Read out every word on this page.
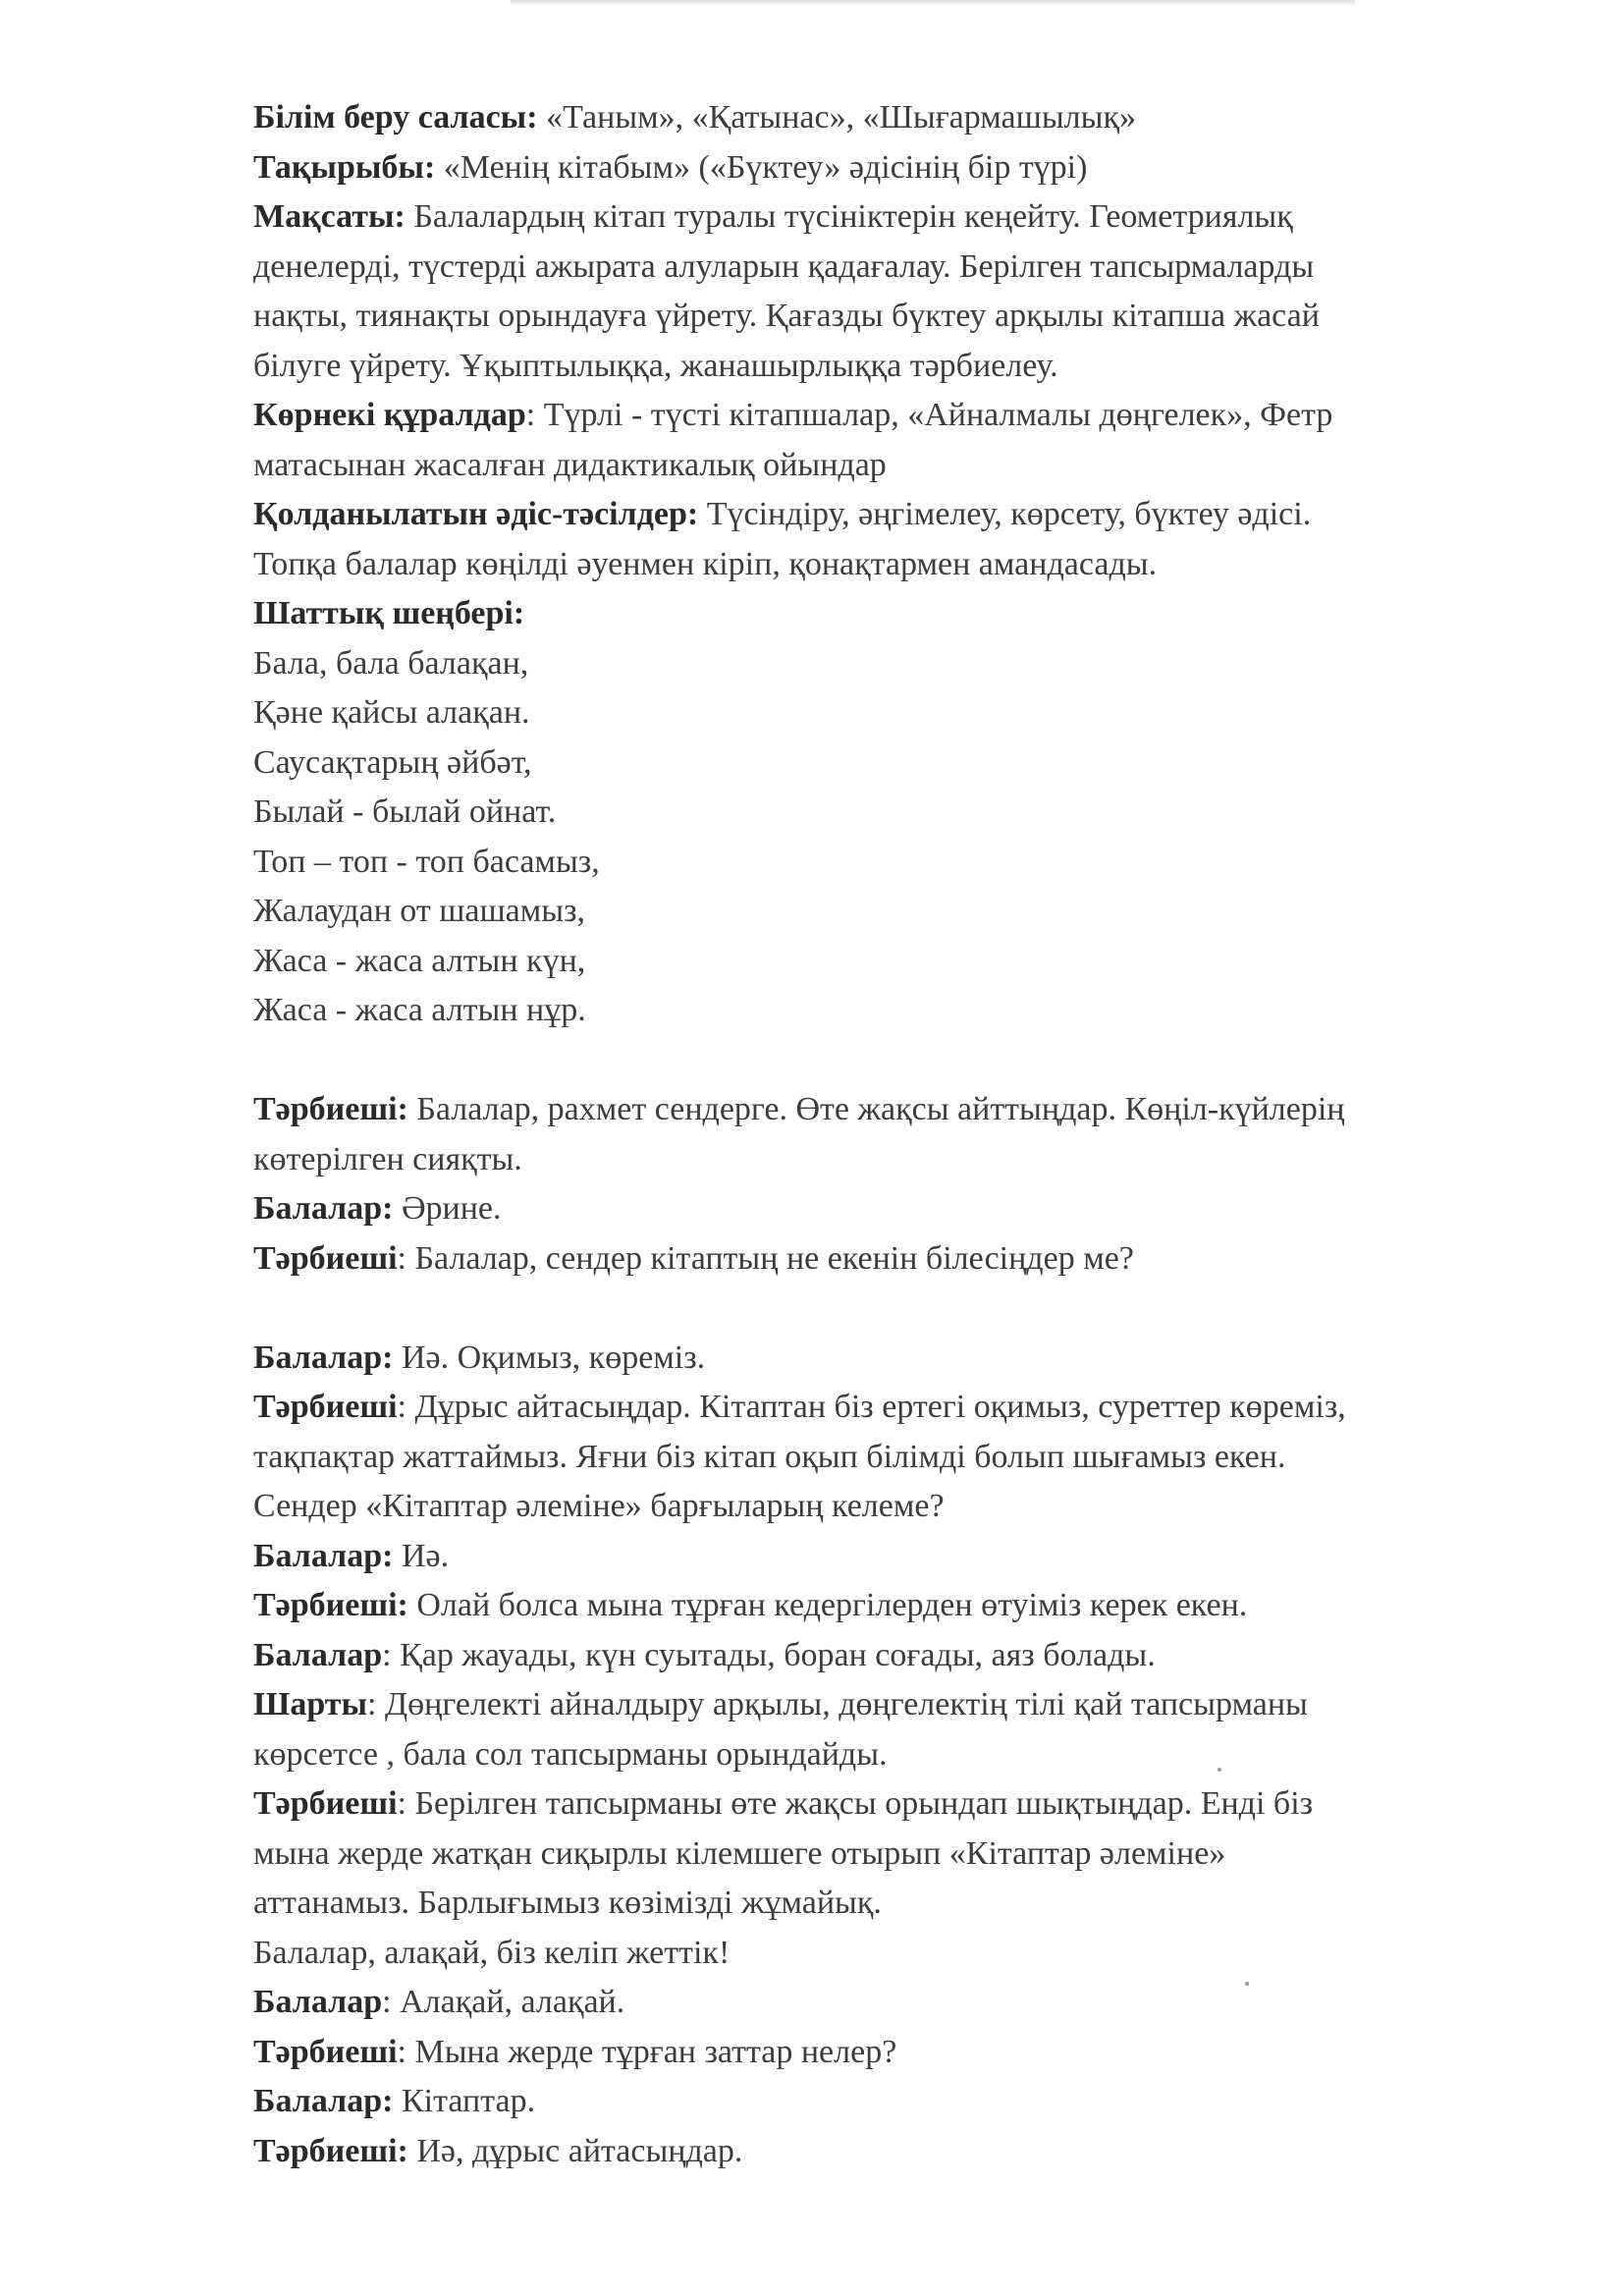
Білім беру саласы: «Таным», «Қатынас», «Шығармашылық»
Тақырыбы: «Менің кітабым» («Бүктеу» әдісінің бір түрі)
Мақсаты: Балалардың кітап туралы түсініктерін кеңейту. Геометриялық
денелерді, түстерді ажырата алуларын қадағалау. Берілген тапсырмаларды
нақты, тиянақты орындауға үйрету. Қағазды бүктеу арқылы кітапша жасай
білуге үйрету. Ұқыптылыққа, жанашырлыққа тәрбиелеу.
Көрнекі құралдар: Түрлі - түсті кітапшалар, «Айналмалы дөңгелек», Фетр
матасынан жасалған дидактикалық ойындар
Қолданылатын әдіс-тәсілдер: Түсіндіру, әңгімелеу, көрсету, бүктеу әдісі.
Топқа балалар көңілді әуенмен кіріп, қонақтармен амандасады.
Шаттық шеңбері:
Бала, бала балақан,
Қәне қайсы алақан.
Саусақтарың әйбәт,
Былай - былай ойнат.
Топ – топ - топ басамыз,
Жалаудан от шашамыз,
Жаса - жаса алтын күн,
Жаса - жаса алтын нұр.
Тәрбиеші: Балалар, рахмет сендерге. Өте жақсы айттыңдар. Көңіл-күйлерің
көтерілген сияқты.
Балалар: Әрине.
Тәрбиеші: Балалар, сендер кітаптың не екенін білесіңдер ме?
Балалар: Иә. Оқимыз, көреміз.
Тәрбиеші: Дұрыс айтасыңдар. Кітаптан біз ертегі оқимыз, суреттер көреміз,
тақпақтар жаттаймыз. Яғни біз кітап оқып білімді болып шығамыз екен.
Сендер «Кітаптар әлеміне» барғыларың келеме?
Балалар: Иә.
Тәрбиеші: Олай болса мына тұрған кедергілерден өтуіміз керек екен.
Балалар: Қар жауады, күн суытады, боран соғады, аяз болады.
Шарты: Дөңгелекті айналдыру арқылы, дөңгелектің тілі қай тапсырманы
көрсетсе , бала сол тапсырманы орындайды.
Тәрбиеші: Берілген тапсырманы өте жақсы орындап шықтыңдар. Енді біз
мына жерде жатқан сиқырлы кілемшеге отырып «Кітаптар әлеміне»
аттанамыз. Барлығымыз көзімізді жұмайық.
Балалар, алақай, біз келіп жеттік!
Балалар: Алақай, алақай.
Тәрбиеші: Мына жерде тұрған заттар нелер?
Балалар: Кітаптар.
Тәрбиеші: Иә, дұрыс айтасыңдар.
